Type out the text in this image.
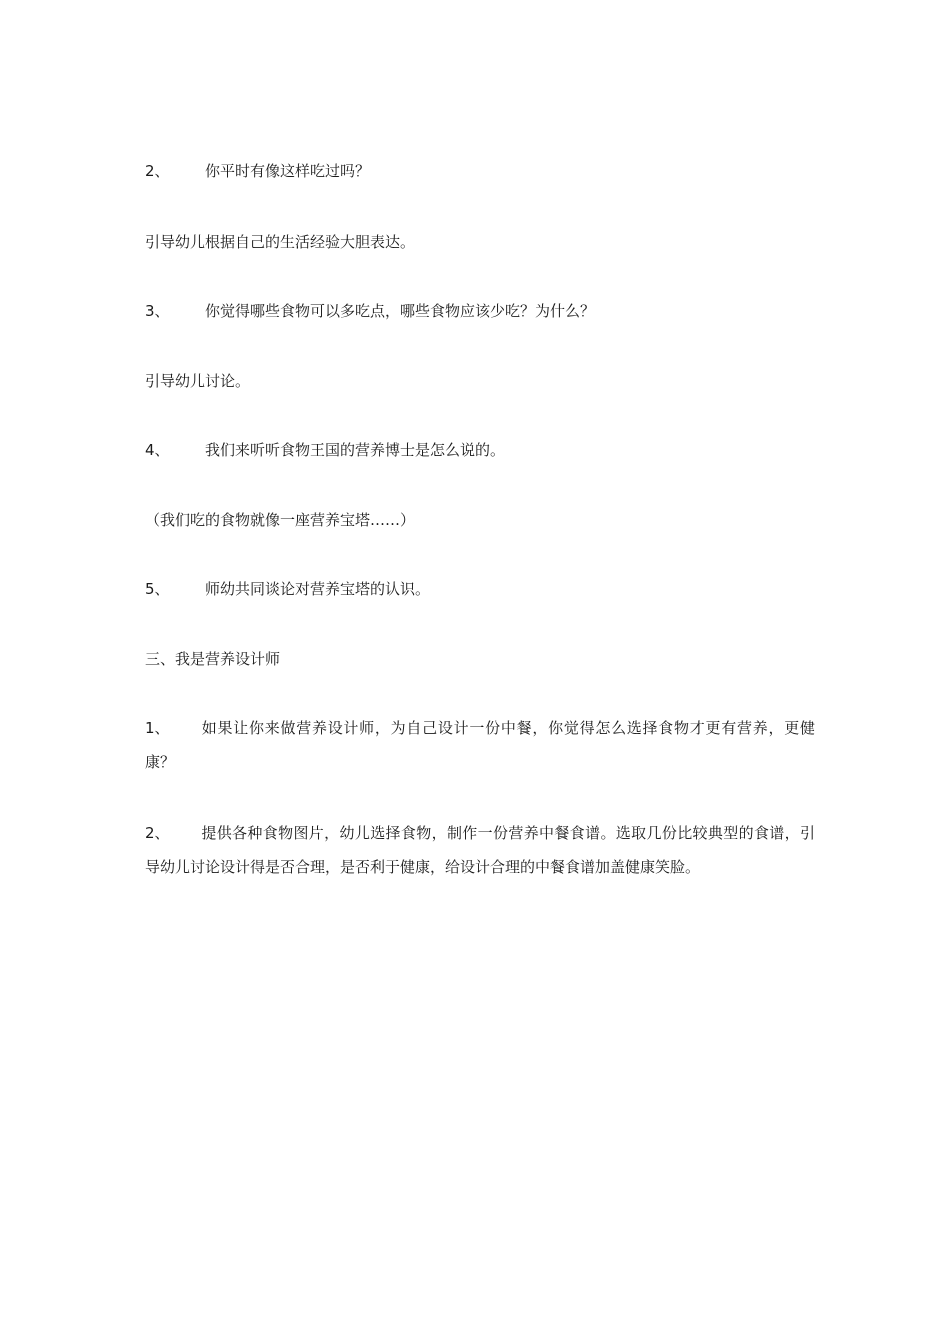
2、 你平时有像这样吃过吗？
引导幼儿根据自己的生活经验大胆表达。
3、 你觉得哪些食物可以多吃点，哪些食物应该少吃？为什么？
引导幼儿讨论。
4、 我们来听听食物王国的营养博士是怎么说的。
（我们吃的食物就像一座营养宝塔……）
5、 师幼共同谈论对营养宝塔的认识。
三、我是营养设计师
1、 如果让你来做营养设计师，为自己设计一份中餐，你觉得怎么选择食物才更有营养，更健康？
2、 提供各种食物图片，幼儿选择食物，制作一份营养中餐食谱。选取几份比较典型的食谱，引导幼儿讨论设计得是否合理，是否利于健康，给设计合理的中餐食谱加盖健康笑脸。
